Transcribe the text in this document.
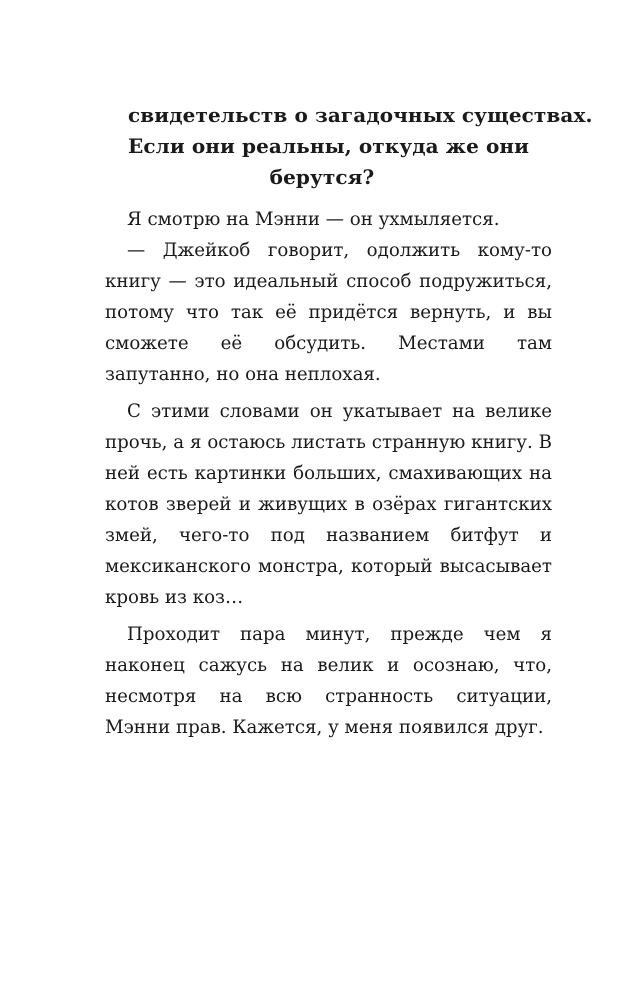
свидетельств о загадочных существах.
Если они реальны, откуда же они
берутся?

Я смотрю на Мэнни — он ухмыляется.

— Джейкоб говорит, одолжить кому-то книгу — это идеальный способ подружиться, потому что так её придётся вернуть, и вы сможете её обсудить. Местами там запутанно, но она неплохая.

С этими словами он укатывает на велике прочь, а я остаюсь листать странную книгу. В ней есть картинки больших, смахивающих на котов зверей и живущих в озёрах гигантских змей, чего-то под названием битфут и мексиканского монстра, который высасывает кровь из коз…

Проходит пара минут, прежде чем я наконец сажусь на велик и осознаю, что, несмотря на всю странность ситуации, Мэнни прав. Кажется, у меня появился друг.
